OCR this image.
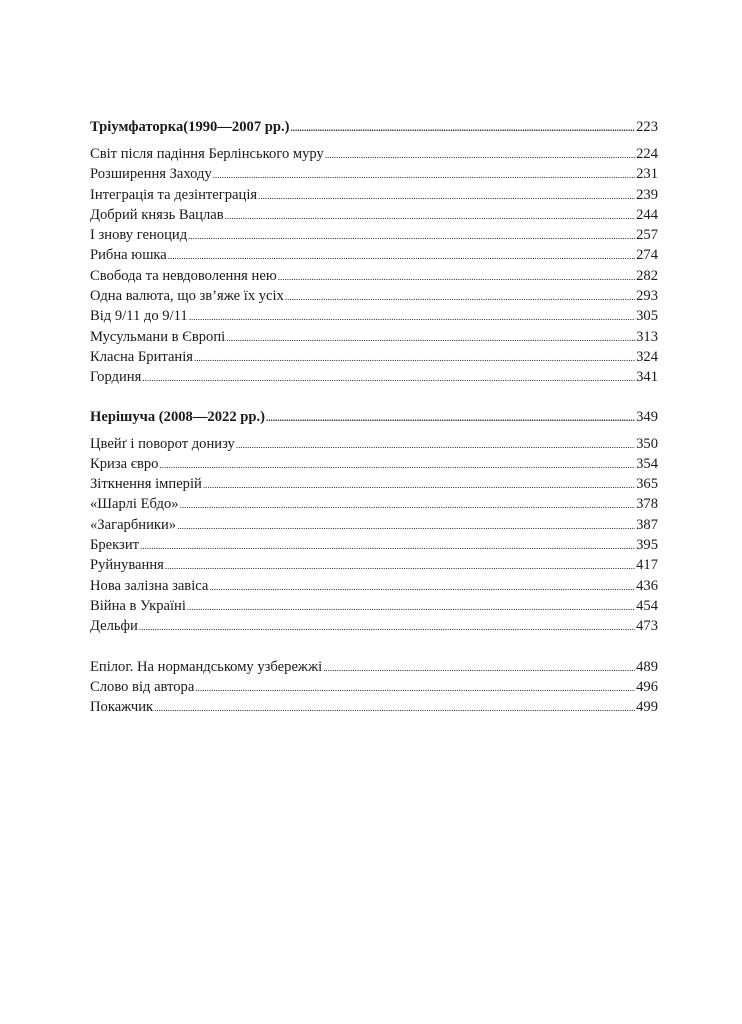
Тріумфаторка(1990—2007 рр.) .....	223
Світ після падіння Берлінського муру .....	224
Розширення Заходу .....	231
Інтеграція та дезінтеграція .....	239
Добрий князь Вацлав .....	244
І знову геноцид .....	257
Рибна юшка .....	274
Свобода та невдоволення нею .....	282
Одна валюта, що зв’яже їх усіх .....	293
Від 9/11 до 9/11 .....	305
Мусульмани в Європі .....	313
Класна Британія .....	324
Гординя .....	341
Нерішуча (2008—2022 рр.) .....	349
Цвейґ і поворот донизу .....	350
Криза євро .....	354
Зіткнення імперій .....	365
«Шарлі Ебдо» .....	378
«Загарбники» .....	387
Брекзит .....	395
Руйнування .....	417
Нова залізна завіса .....	436
Війна в Україні .....	454
Дельфи .....	473
Епілог. На нормандському узбережжі .....	489
Слово від автора .....	496
Покажчик .....	499
